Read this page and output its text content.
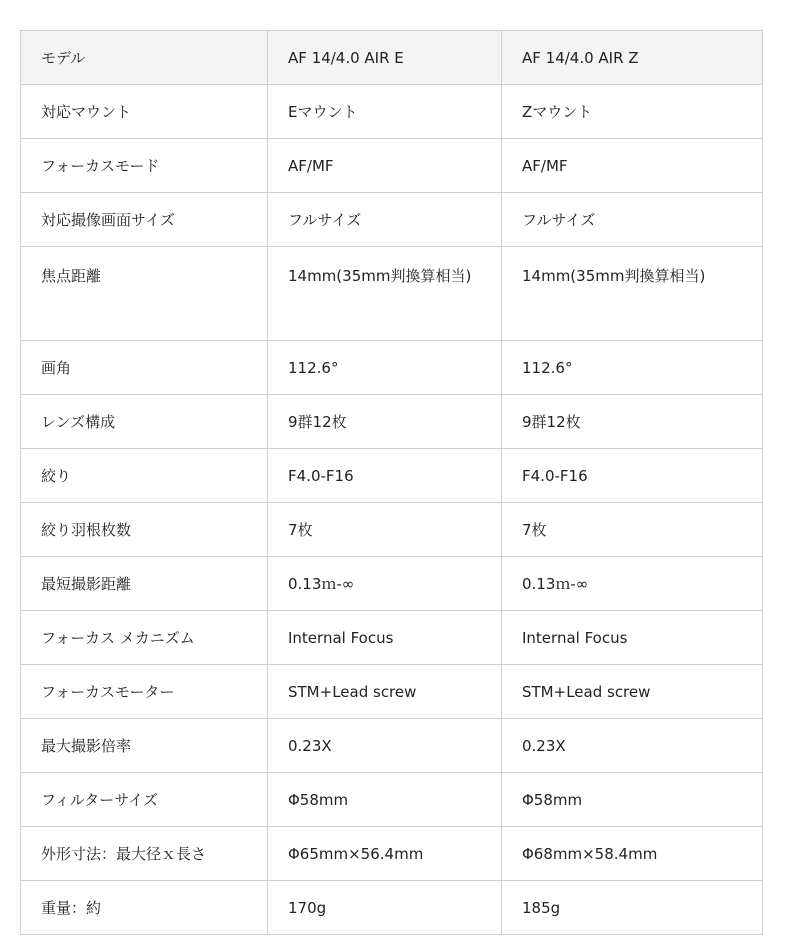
モデル	AF 14/4.0 AIR E	AF 14/4.0 AIR Z
対応マウント	Eマウント	Zマウント
フォーカスモード	AF/MF	AF/MF
対応撮像画面サイズ	フルサイズ	フルサイズ
焦点距離	14mm(35mm判換算相当)	14mm(35mm判換算相当)
画角	112.6°	112.6°
レンズ構成	9群12枚	9群12枚
絞り	F4.0-F16	F4.0-F16
絞り羽根枚数	7枚	7枚
最短撮影距離	0.13ｍ-∞	0.13ｍ-∞
フォーカス メカニズム	Internal Focus	Internal Focus
フォーカスモーター	STM+Lead screw	STM+Lead screw
最大撮影倍率	0.23X	0.23X
フィルターサイズ	Φ58mm	Φ58mm
外形寸法：最大径ｘ長さ	Φ65mm×56.4mm	Φ68mm×58.4mm
重量：約	170g	185g
